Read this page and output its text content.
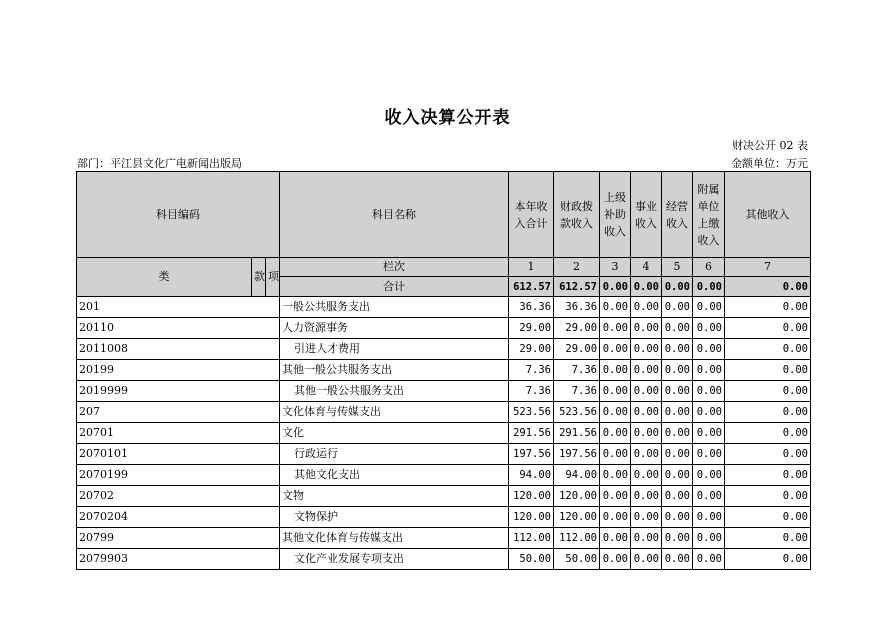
收入决算公开表
财决公开 02 表
部门：平江县文化广电新闻出版局	金额单位：万元
科目编码			科目名称	本年收入合计	财政拨款收入	上级补助收入	事业收入	经营收入	附属单位上缴收入	其他收入
类	款	项	栏次	1	2	3	4	5	6	7
			合计	612.57	612.57	0.00	0.00	0.00	0.00	0.00
201			一般公共服务支出	36.36	36.36	0.00	0.00	0.00	0.00	0.00
20110			人力资源事务	29.00	29.00	0.00	0.00	0.00	0.00	0.00
2011008			引进人才费用	29.00	29.00	0.00	0.00	0.00	0.00	0.00
20199			其他一般公共服务支出	7.36	7.36	0.00	0.00	0.00	0.00	0.00
2019999			其他一般公共服务支出	7.36	7.36	0.00	0.00	0.00	0.00	0.00
207			文化体育与传媒支出	523.56	523.56	0.00	0.00	0.00	0.00	0.00
20701			文化	291.56	291.56	0.00	0.00	0.00	0.00	0.00
2070101			行政运行	197.56	197.56	0.00	0.00	0.00	0.00	0.00
2070199			其他文化支出	94.00	94.00	0.00	0.00	0.00	0.00	0.00
20702			文物	120.00	120.00	0.00	0.00	0.00	0.00	0.00
2070204			文物保护	120.00	120.00	0.00	0.00	0.00	0.00	0.00
20799			其他文化体育与传媒支出	112.00	112.00	0.00	0.00	0.00	0.00	0.00
2079903			文化产业发展专项支出	50.00	50.00	0.00	0.00	0.00	0.00	0.00
